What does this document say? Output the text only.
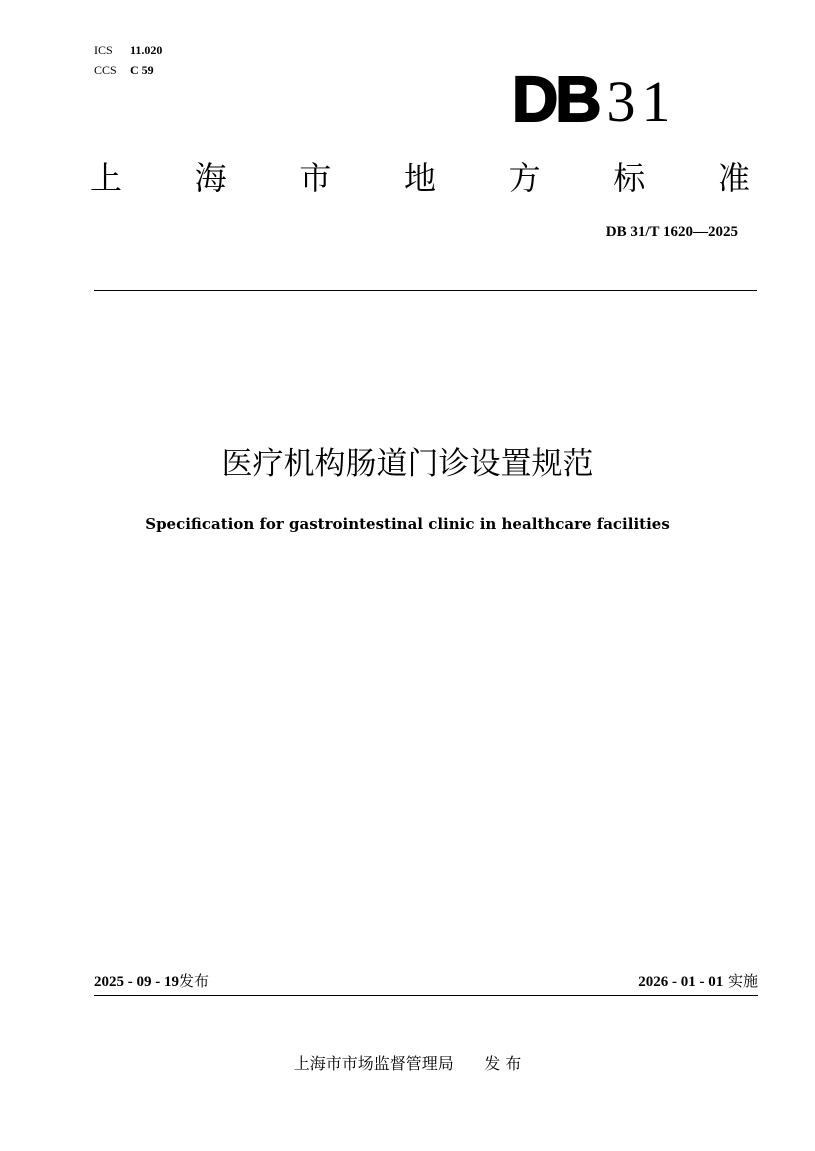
ICS 11.020
CCS C 59	DB 31
上 海 市 地 方 标 准
DB 31/T 1620—2025
医疗机构肠道门诊设置规范
Specification for gastrointestinal clinic in healthcare facilities
2025 - 09 - 19发布	2026 - 01 - 01 实施
上海市市场监督管理局 发 布
